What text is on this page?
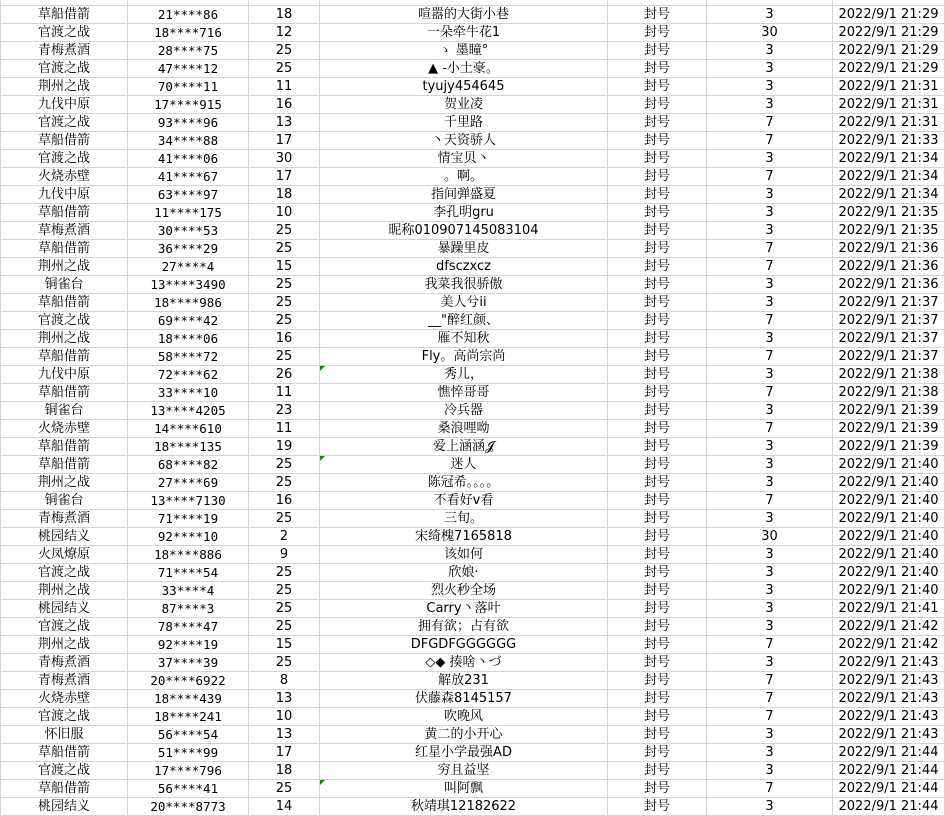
草船借箭	21****86	18	喧嚣的大街小巷	封号	3	2022/9/1 21:29
官渡之战	18****716	12	一朵牵牛花1	封号	30	2022/9/1 21:29
青梅煮酒	28****75	25	ゝ 墨瞳°	封号	3	2022/9/1 21:29
官渡之战	47****12	25	▲ -小土豪。	封号	3	2022/9/1 21:29
荆州之战	70****11	11	tyujy454645	封号	3	2022/9/1 21:31
九伐中原	17****915	16	贺业凌	封号	3	2022/9/1 21:31
官渡之战	93****96	13	千里路	封号	7	2022/9/1 21:31
草船借箭	34****88	17	丶天资骄人	封号	7	2022/9/1 21:33
官渡之战	41****06	30	情宝贝丶	封号	3	2022/9/1 21:34
火烧赤壁	41****67	17	。啊。	封号	7	2022/9/1 21:34
九伐中原	63****97	18	指间弹盛夏	封号	3	2022/9/1 21:34
草船借箭	11****175	10	李孔明gru	封号	3	2022/9/1 21:35
草梅煮酒	30****53	25	昵称010907145083104	封号	3	2022/9/1 21:35
草船借箭	36****29	25	暴躁里皮	封号	7	2022/9/1 21:36
荆州之战	27****4	15	dfsczxcz	封号	7	2022/9/1 21:36
铜雀台	13****3490	25	我菜我很骄傲	封号	3	2022/9/1 21:36
草船借箭	18****986	25	美人兮ii	封号	3	2022/9/1 21:37
官渡之战	69****42	25	__"醉红颜、	封号	7	2022/9/1 21:37
荆州之战	18****06	16	雁不知秋	封号	3	2022/9/1 21:37
草船借箭	58****72	25	Fly。高尚宗尚	封号	7	2022/9/1 21:37
九伐中原	72****62	26	秀儿，	封号	3	2022/9/1 21:38
草船借箭	33****10	11	憔悴哥哥	封号	7	2022/9/1 21:38
铜雀台	13****4205	23	冷兵器	封号	3	2022/9/1 21:39
火烧赤壁	14****610	11	桑浪哩呦	封号	7	2022/9/1 21:39
草船借箭	18****135	19	爱上涵涵𝓙	封号	3	2022/9/1 21:39
草船借箭	68****82	25	迷人	封号	3	2022/9/1 21:40
荆州之战	27****69	25	陈冠希。。。。	封号	3	2022/9/1 21:40
铜雀台	13****7130	16	不看好v看	封号	7	2022/9/1 21:40
青梅煮酒	71****19	25	三旬。	封号	3	2022/9/1 21:40
桃园结义	92****10	2	宋绮槐7165818	封号	30	2022/9/1 21:40
火凤燎原	18****886	9	该如何	封号	3	2022/9/1 21:40
官渡之战	71****54	25	欣娘·	封号	3	2022/9/1 21:40
荆州之战	33****4	25	烈火秒全场	封号	3	2022/9/1 21:40
桃园结义	87****3	25	Carry丶落叶	封号	3	2022/9/1 21:41
官渡之战	78****47	25	拥有欲；占有欲	封号	3	2022/9/1 21:42
荆州之战	92****19	15	DFGDFGGGGGG	封号	7	2022/9/1 21:42
青梅煮酒	37****39	25	◇◆ 揍啥丶づ	封号	3	2022/9/1 21:43
青梅煮酒	20****6922	8	解放231	封号	7	2022/9/1 21:43
火烧赤壁	18****439	13	伏藤森8145157	封号	7	2022/9/1 21:43
官渡之战	18****241	10	吹晚风	封号	7	2022/9/1 21:43
怀旧服	56****54	13	黄二的小开心	封号	3	2022/9/1 21:43
草船借箭	51****99	17	红星小学最强AD	封号	3	2022/9/1 21:44
官渡之战	17****796	18	穷且益坚	封号	3	2022/9/1 21:44
草船借箭	56****41	25	叫阿飘	封号	7	2022/9/1 21:44
桃园结义	20****8773	14	秋靖琪12182622	封号	3	2022/9/1 21:44
